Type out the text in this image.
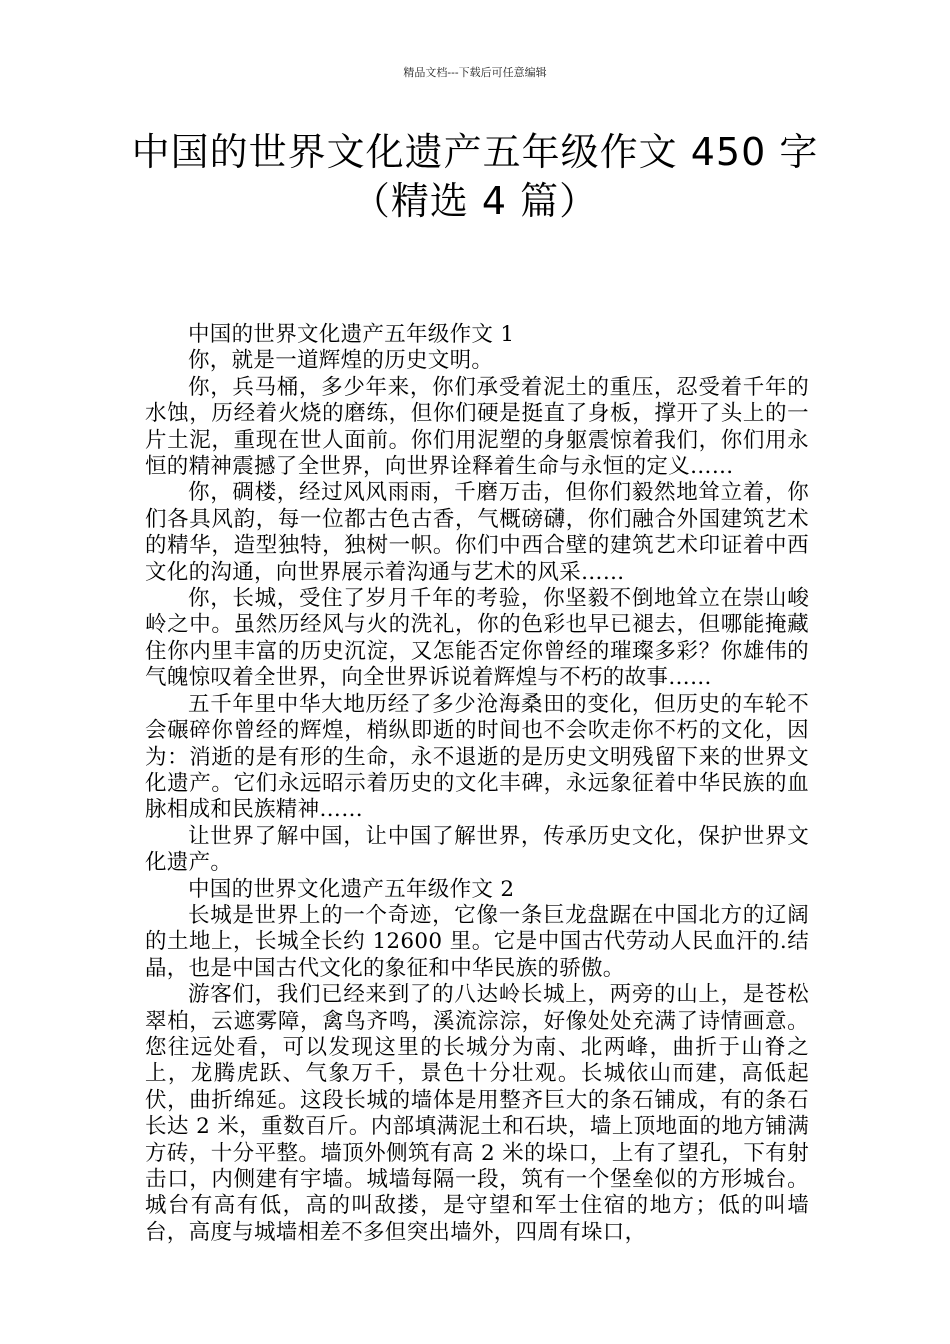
精品文档---下载后可任意编辑
中国的世界文化遗产五年级作文 450 字
（精选 4 篇）

中国的世界文化遗产五年级作文 1

你，就是一道辉煌的历史文明。

你，兵马桶，多少年来，你们承受着泥土的重压，忍受着千年的水蚀，历经着火烧的磨练，但你们硬是挺直了身板，撑开了头上的一片土泥，重现在世人面前。你们用泥塑的身躯震惊着我们，你们用永恒的精神震撼了全世界，向世界诠释着生命与永恒的定义……

你，碉楼，经过风风雨雨，千磨万击，但你们毅然地耸立着，你们各具风韵，每一位都古色古香，气概磅礴，你们融合外国建筑艺术的精华，造型独特，独树一帜。你们中西合壁的建筑艺术印证着中西文化的沟通，向世界展示着沟通与艺术的风采……

你，长城，受住了岁月千年的考验，你坚毅不倒地耸立在崇山峻岭之中。虽然历经风与火的洗礼，你的色彩也早已褪去，但哪能掩藏住你内里丰富的历史沉淀，又怎能否定你曾经的璀璨多彩？你雄伟的气魄惊叹着全世界，向全世界诉说着辉煌与不朽的故事……

五千年里中华大地历经了多少沧海桑田的变化，但历史的车轮不会碾碎你曾经的辉煌，梢纵即逝的时间也不会吹走你不朽的文化，因为：消逝的是有形的生命，永不退逝的是历史文明残留下来的世界文化遗产。它们永远昭示着历史的文化丰碑，永远象征着中华民族的血脉相成和民族精神……

让世界了解中国，让中国了解世界，传承历史文化，保护世界文化遗产。

中国的世界文化遗产五年级作文 2

长城是世界上的一个奇迹，它像一条巨龙盘踞在中国北方的辽阔的土地上，长城全长约 12600 里。它是中国古代劳动人民血汗的.结晶，也是中国古代文化的象征和中华民族的骄傲。

游客们，我们已经来到了的八达岭长城上，两旁的山上，是苍松翠柏，云遮雾障，禽鸟齐鸣，溪流淙淙，好像处处充满了诗情画意。您往远处看，可以发现这里的长城分为南、北两峰，曲折于山脊之上，龙腾虎跃、气象万千，景色十分壮观。长城依山而建，高低起伏，曲折绵延。这段长城的墙体是用整齐巨大的条石铺成，有的条石长达 2 米，重数百斤。内部填满泥土和石块，墙上顶地面的地方铺满方砖，十分平整。墙顶外侧筑有高 2 米的垛口，上有了望孔，下有射击口，内侧建有宇墙。城墙每隔一段，筑有一个堡垒似的方形城台。城台有高有低，高的叫敌搂，是守望和军士住宿的地方；低的叫墙台，高度与城墙相差不多但突出墙外，四周有垛口，
